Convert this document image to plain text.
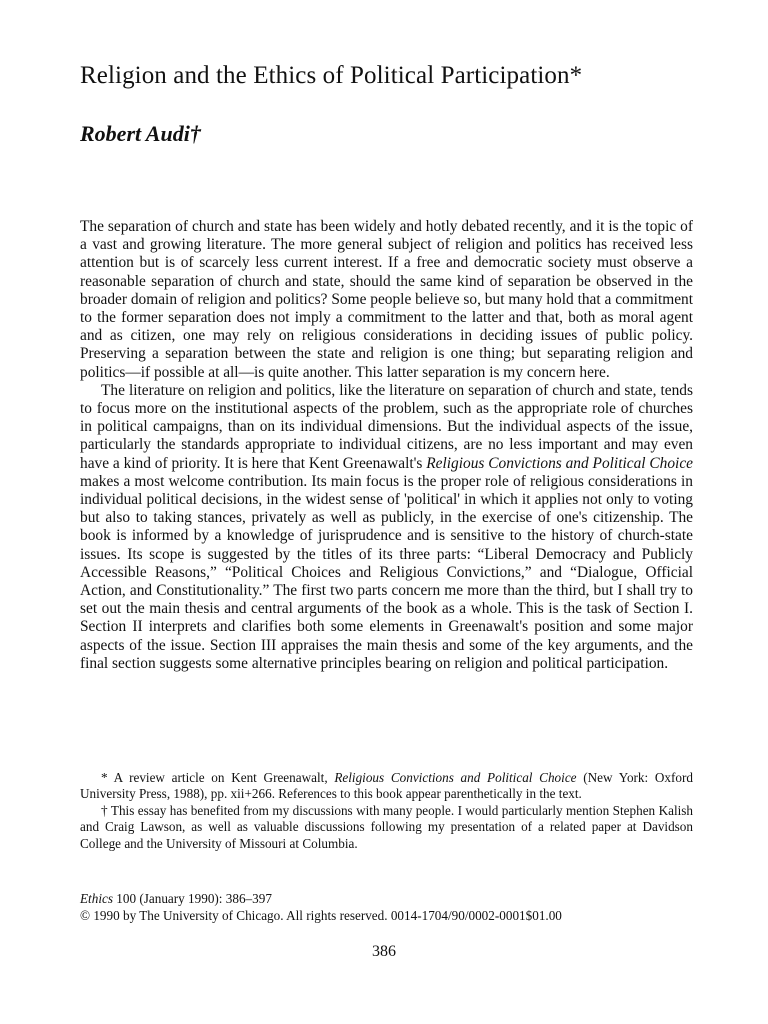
Religion and the Ethics of Political Participation*
Robert Audi†

The separation of church and state has been widely and hotly debated recently, and it is the topic of a vast and growing literature. The more general subject of religion and politics has received less attention but is of scarcely less current interest. If a free and democratic society must observe a reasonable separation of church and state, should the same kind of separation be observed in the broader domain of religion and politics? Some people believe so, but many hold that a commitment to the former separation does not imply a commitment to the latter and that, both as moral agent and as citizen, one may rely on religious considerations in deciding issues of public policy. Preserving a separation between the state and religion is one thing; but separating religion and politics—if possible at all—is quite another. This latter separation is my concern here.

The literature on religion and politics, like the literature on separation of church and state, tends to focus more on the institutional aspects of the problem, such as the appropriate role of churches in political campaigns, than on its individual dimensions. But the individual aspects of the issue, particularly the standards appropriate to individual citizens, are no less important and may even have a kind of priority. It is here that Kent Greenawalt's Religious Convictions and Political Choice makes a most welcome contribution. Its main focus is the proper role of religious considerations in individual political decisions, in the widest sense of 'political' in which it applies not only to voting but also to taking stances, privately as well as publicly, in the exercise of one's citizenship. The book is informed by a knowledge of jurisprudence and is sensitive to the history of church-state issues. Its scope is suggested by the titles of its three parts: “Liberal Democracy and Publicly Accessible Reasons,” “Political Choices and Religious Convictions,” and “Dialogue, Official Action, and Constitutionality.” The first two parts concern me more than the third, but I shall try to set out the main thesis and central arguments of the book as a whole. This is the task of Section I. Section II interprets and clarifies both some elements in Greenawalt's position and some major aspects of the issue. Section III appraises the main thesis and some of the key arguments, and the final section suggests some alternative principles bearing on religion and political participation.

* A review article on Kent Greenawalt, Religious Convictions and Political Choice (New York: Oxford University Press, 1988), pp. xii+266. References to this book appear parenthetically in the text.

† This essay has benefited from my discussions with many people. I would particularly mention Stephen Kalish and Craig Lawson, as well as valuable discussions following my presentation of a related paper at Davidson College and the University of Missouri at Columbia.

Ethics 100 (January 1990): 386–397
© 1990 by The University of Chicago. All rights reserved. 0014-1704/90/0002-0001$01.00
386
